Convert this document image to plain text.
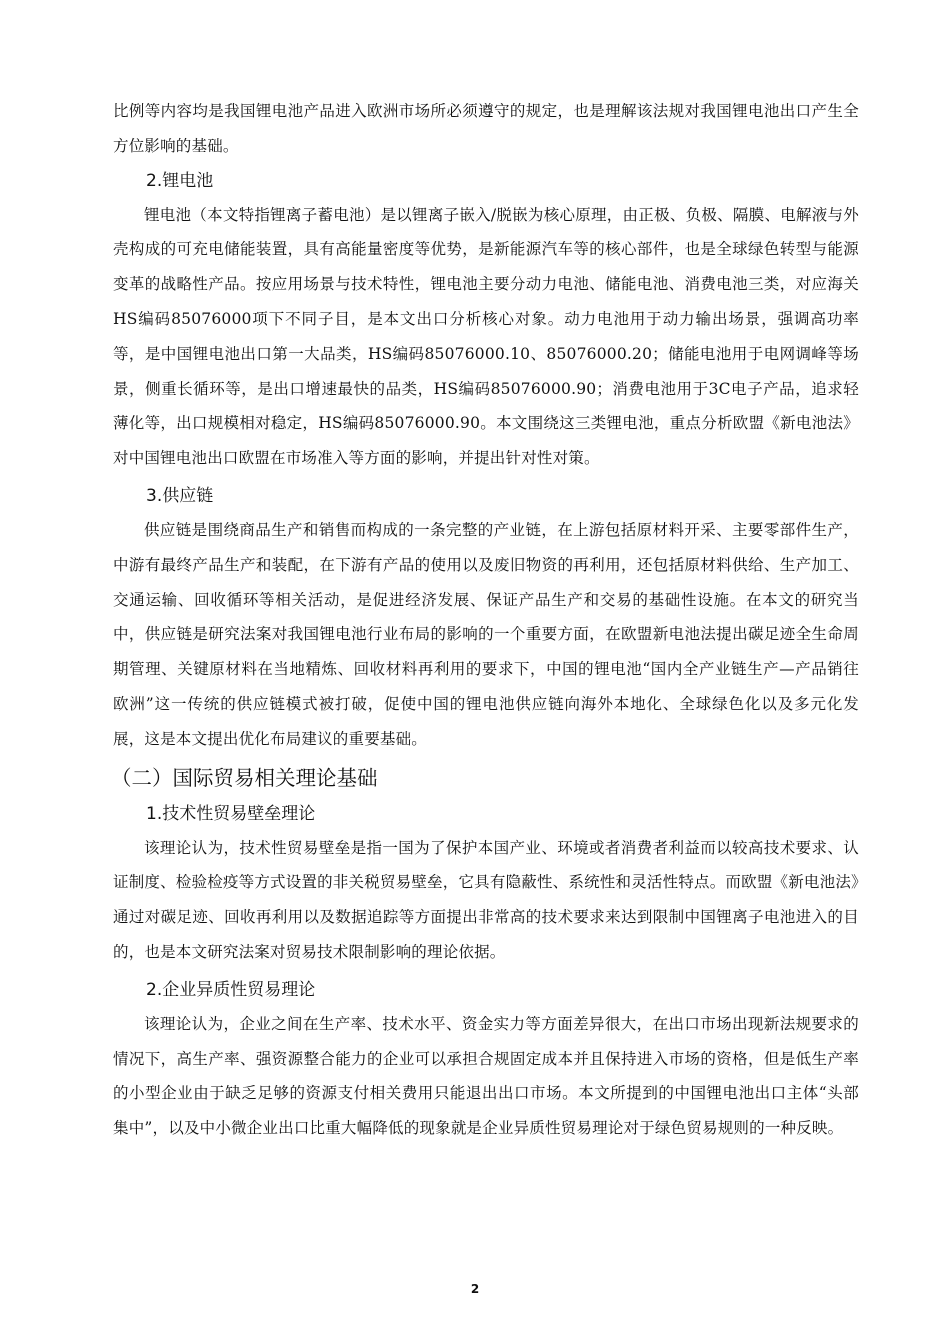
比例等内容均是我国锂电池产品进入欧洲市场所必须遵守的规定，也是理解该法规对我国锂电池出口产生全方位影响的基础。

2.锂电池

锂电池（本文特指锂离子蓄电池）是以锂离子嵌入/脱嵌为核心原理，由正极、负极、隔膜、电解液与外壳构成的可充电储能装置，具有高能量密度等优势，是新能源汽车等的核心部件，也是全球绿色转型与能源变革的战略性产品。按应用场景与技术特性，锂电池主要分动力电池、储能电池、消费电池三类，对应海关HS编码85076000项下不同子目，是本文出口分析核心对象。动力电池用于动力输出场景，强调高功率等，是中国锂电池出口第一大品类，HS编码85076000.10、85076000.20；储能电池用于电网调峰等场景，侧重长循环等，是出口增速最快的品类，HS编码85076000.90；消费电池用于3C电子产品，追求轻薄化等，出口规模相对稳定，HS编码85076000.90。本文围绕这三类锂电池，重点分析欧盟《新电池法》对中国锂电池出口欧盟在市场准入等方面的影响，并提出针对性对策。

3.供应链

供应链是围绕商品生产和销售而构成的一条完整的产业链，在上游包括原材料开采、主要零部件生产，中游有最终产品生产和装配，在下游有产品的使用以及废旧物资的再利用，还包括原材料供给、生产加工、交通运输、回收循环等相关活动，是促进经济发展、保证产品生产和交易的基础性设施。在本文的研究当中，供应链是研究法案对我国锂电池行业布局的影响的一个重要方面，在欧盟新电池法提出碳足迹全生命周期管理、关键原材料在当地精炼、回收材料再利用的要求下，中国的锂电池“国内全产业链生产—产品销往欧洲”这一传统的供应链模式被打破，促使中国的锂电池供应链向海外本地化、全球绿色化以及多元化发展，这是本文提出优化布局建议的重要基础。

（二）国际贸易相关理论基础
1.技术性贸易壁垒理论

该理论认为，技术性贸易壁垒是指一国为了保护本国产业、环境或者消费者利益而以较高技术要求、认证制度、检验检疫等方式设置的非关税贸易壁垒，它具有隐蔽性、系统性和灵活性特点。而欧盟《新电池法》通过对碳足迹、回收再利用以及数据追踪等方面提出非常高的技术要求来达到限制中国锂离子电池进入的目的，也是本文研究法案对贸易技术限制影响的理论依据。

2.企业异质性贸易理论

该理论认为，企业之间在生产率、技术水平、资金实力等方面差异很大，在出口市场出现新法规要求的情况下，高生产率、强资源整合能力的企业可以承担合规固定成本并且保持进入市场的资格，但是低生产率的小型企业由于缺乏足够的资源支付相关费用只能退出出口市场。本文所提到的中国锂电池出口主体“头部集中”，以及中小微企业出口比重大幅降低的现象就是企业异质性贸易理论对于绿色贸易规则的一种反映。

2
